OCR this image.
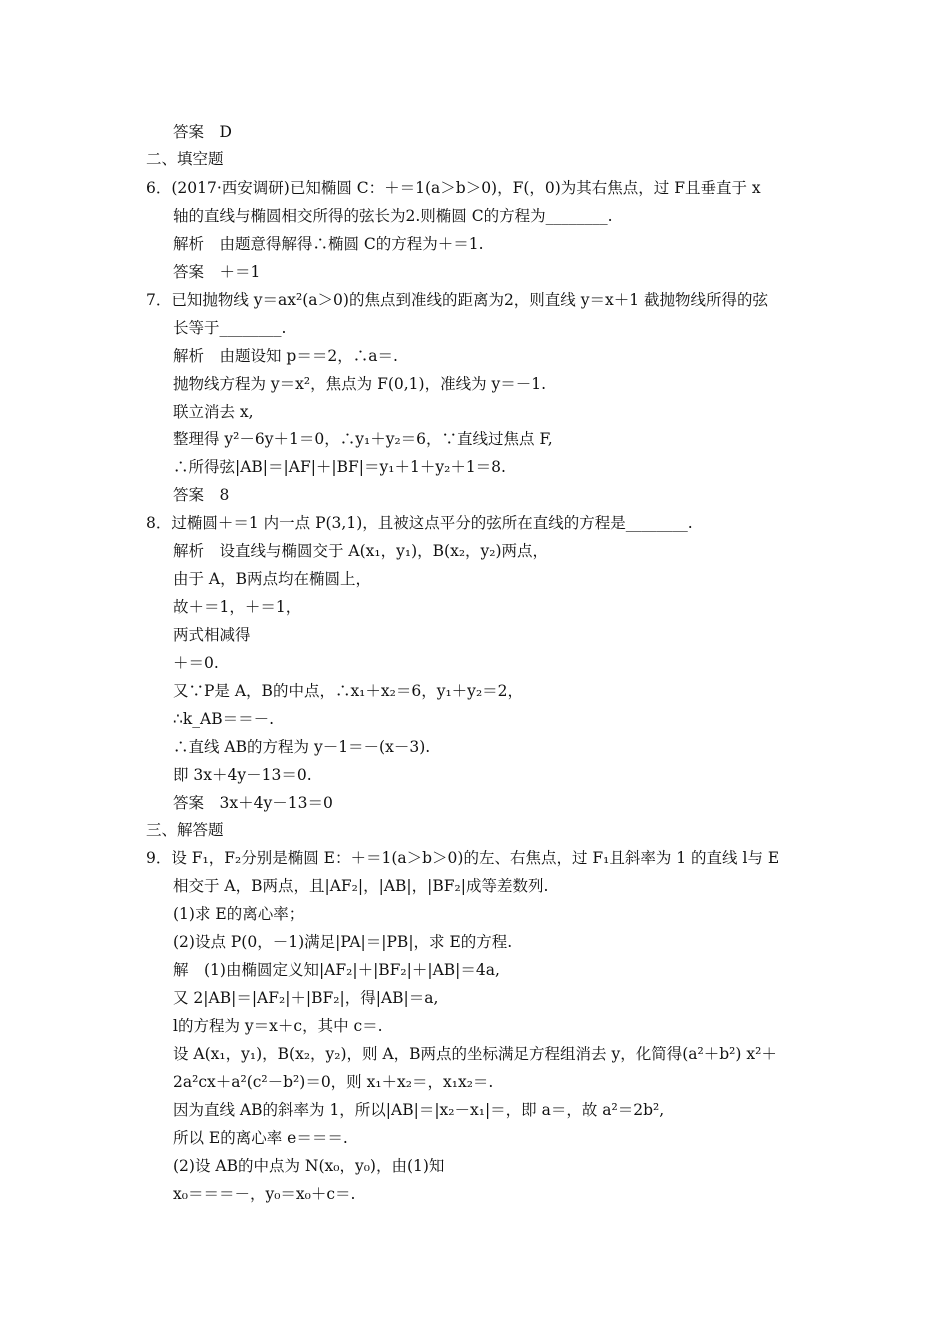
答案　D
二、填空题
6．(2017·西安调研)已知椭圆 C：＋＝1(a＞b＞0)，F(，0)为其右焦点，过 F且垂直于 x
轴的直线与椭圆相交所得的弦长为2.则椭圆 C的方程为________.
解析　由题意得解得∴椭圆 C的方程为＋＝1.
答案　＋＝1
7．已知抛物线 y＝ax²(a＞0)的焦点到准线的距离为2，则直线 y＝x＋1 截抛物线所得的弦
长等于________.
解析　由题设知 p＝＝2，∴a＝.
抛物线方程为 y＝x²，焦点为 F(0,1)，准线为 y＝－1.
联立消去 x,
整理得 y²－6y＋1＝0，∴y₁＋y₂＝6，∵直线过焦点 F,
∴所得弦|AB|＝|AF|＋|BF|＝y₁＋1＋y₂＋1＝8.
答案　8
8．过椭圆＋＝1 内一点 P(3,1)，且被这点平分的弦所在直线的方程是________.
解析　设直线与椭圆交于 A(x₁，y₁)，B(x₂，y₂)两点，
由于 A，B两点均在椭圆上，
故＋＝1，＋＝1，
两式相减得
＋＝0.
又∵P是 A，B的中点，∴x₁＋x₂＝6，y₁＋y₂＝2，
∴k_AB＝＝－.
∴直线 AB的方程为 y－1＝－(x－3).
即 3x＋4y－13＝0.
答案　3x＋4y－13＝0
三、解答题
9．设 F₁，F₂分别是椭圆 E：＋＝1(a＞b＞0)的左、右焦点，过 F₁且斜率为 1 的直线 l与 E
相交于 A，B两点，且|AF₂|，|AB|，|BF₂|成等差数列.
(1)求 E的离心率；
(2)设点 P(0，－1)满足|PA|＝|PB|，求 E的方程.
解　(1)由椭圆定义知|AF₂|＋|BF₂|＋|AB|＝4a,
又 2|AB|＝|AF₂|＋|BF₂|，得|AB|＝a,
l的方程为 y＝x＋c，其中 c＝.
设 A(x₁，y₁)，B(x₂，y₂)，则 A，B两点的坐标满足方程组消去 y，化简得(a²＋b²) x²＋
2a²cx＋a²(c²－b²)＝0，则 x₁＋x₂＝，x₁x₂＝.
因为直线 AB的斜率为 1，所以|AB|＝|x₂－x₁|＝，即 a＝，故 a²＝2b²,
所以 E的离心率 e＝＝＝.
(2)设 AB的中点为 N(x₀，y₀)，由(1)知
x₀＝＝＝－，y₀＝x₀＋c＝.
